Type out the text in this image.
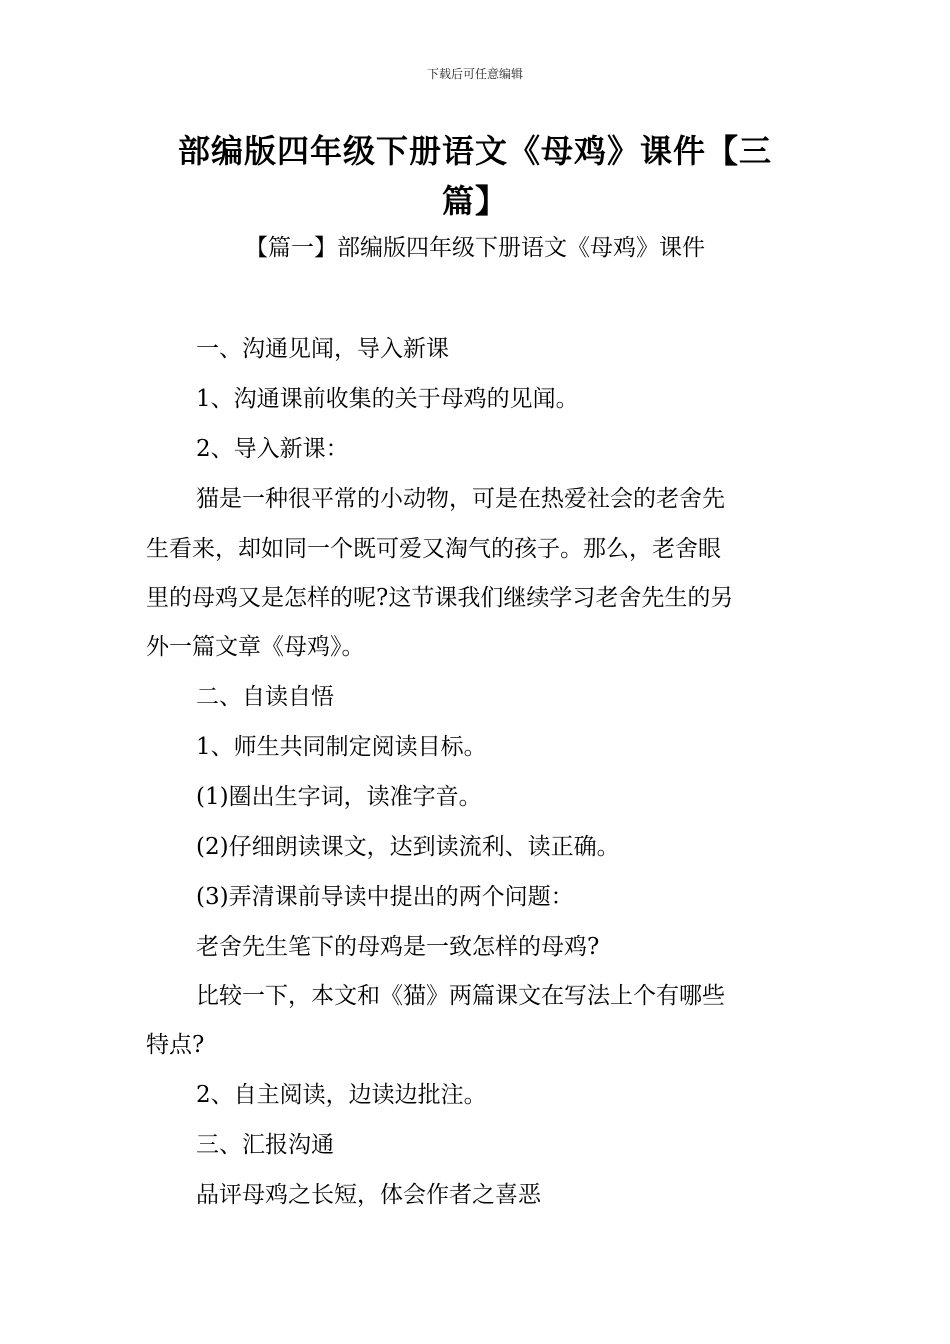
下载后可任意编辑
部编版四年级下册语文《母鸡》课件【三
篇】
【篇一】部编版四年级下册语文《母鸡》课件
一、沟通见闻，导入新课
1、沟通课前收集的关于母鸡的见闻。
2、导入新课：
猫是一种很平常的小动物，可是在热爱社会的老舍先
生看来，却如同一个既可爱又淘气的孩子。那么，老舍眼
里的母鸡又是怎样的呢?这节课我们继续学习老舍先生的另
外一篇文章《母鸡》。
二、自读自悟
1、师生共同制定阅读目标。
(1)圈出生字词，读准字音。
(2)仔细朗读课文，达到读流利、读正确。
(3)弄清课前导读中提出的两个问题：
老舍先生笔下的母鸡是一致怎样的母鸡?
比较一下，本文和《猫》两篇课文在写法上个有哪些
特点?
2、自主阅读，边读边批注。
三、汇报沟通
品评母鸡之长短，体会作者之喜恶
